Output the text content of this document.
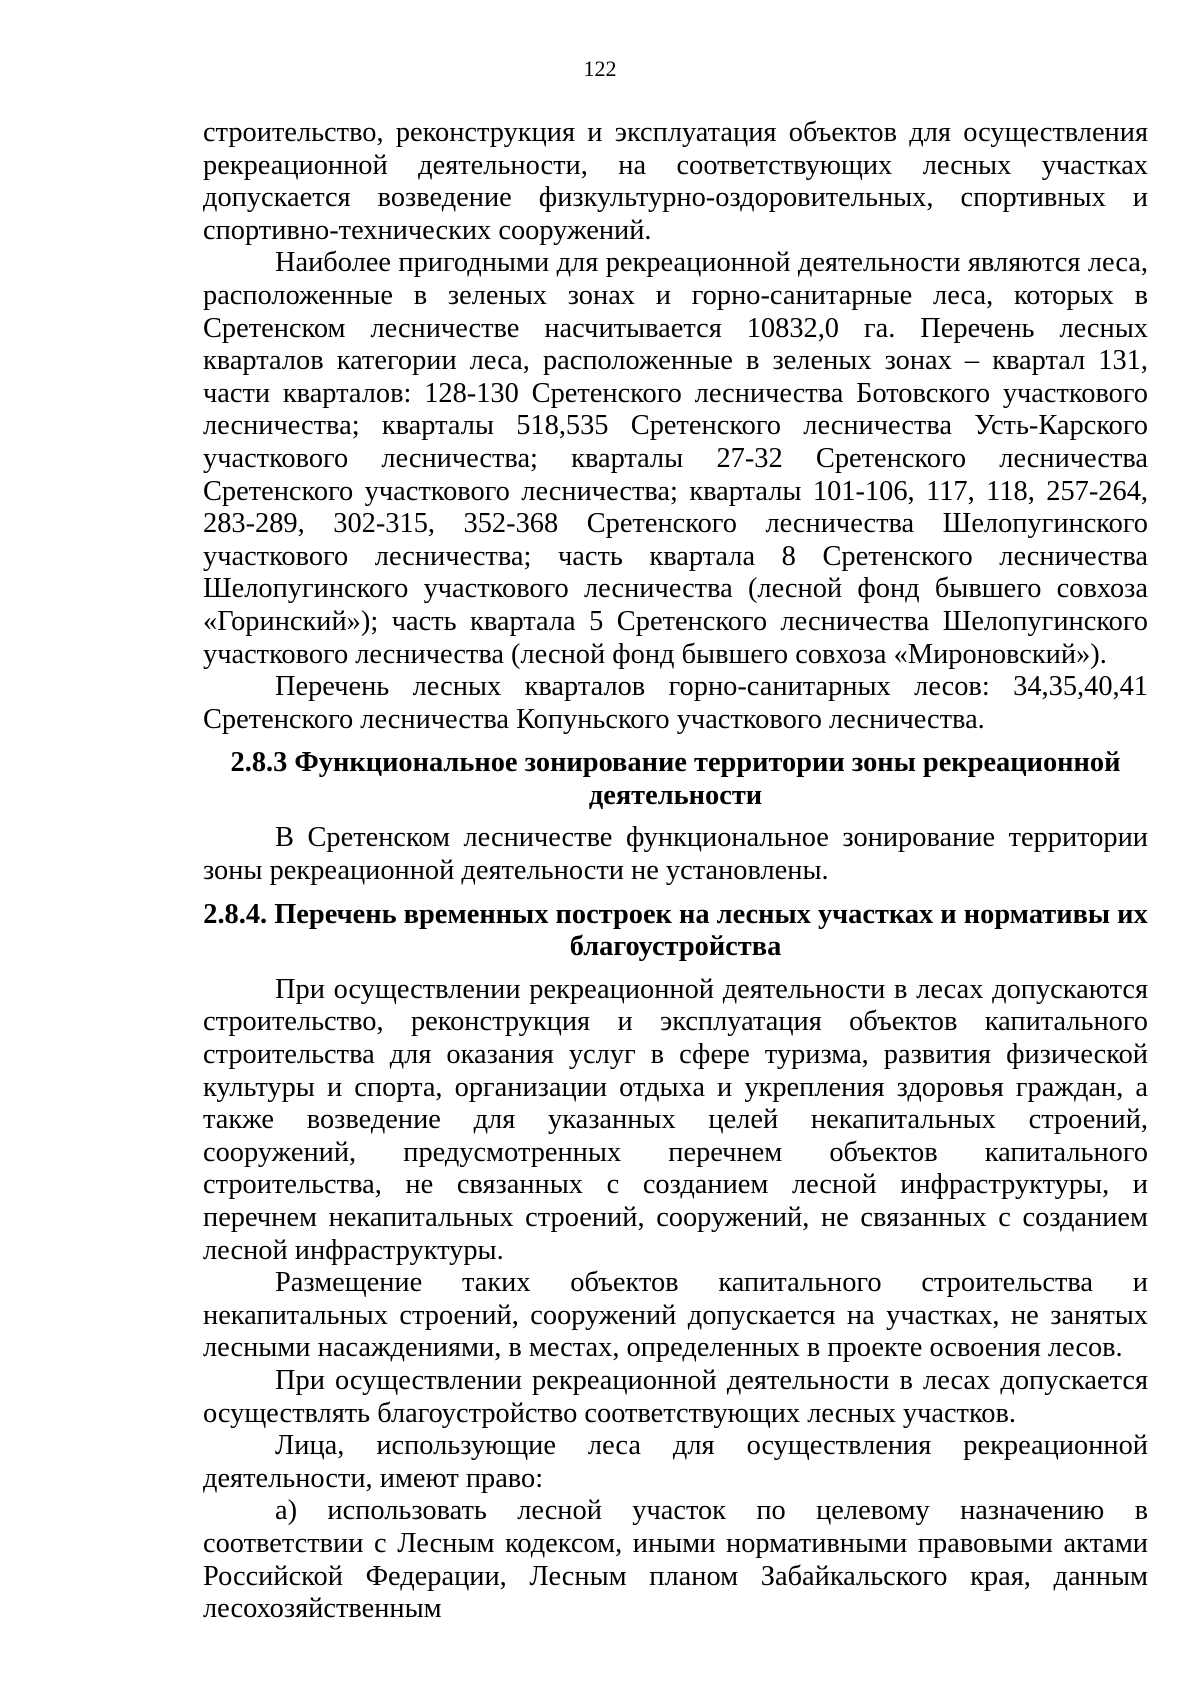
122

строительство, реконструкция и эксплуатация объектов для осуществления рекреационной деятельности, на соответствующих лесных участках допускается возведение физкультурно-оздоровительных, спортивных и спортивно-технических сооружений.

Наиболее пригодными для рекреационной деятельности являются леса, расположенные в зеленых зонах и горно-санитарные леса, которых в Сретенском лесничестве насчитывается 10832,0 га. Перечень лесных кварталов категории леса, расположенные в зеленых зонах – квартал 131, части кварталов: 128-130 Сретенского лесничества Ботовского участкового лесничества; кварталы 518,535 Сретенского лесничества Усть-Карского участкового лесничества; кварталы 27-32 Сретенского лесничества Сретенского участкового лесничества; кварталы 101-106, 117, 118, 257-264, 283-289, 302-315, 352-368 Сретенского лесничества Шелопугинского участкового лесничества; часть квартала 8 Сретенского лесничества Шелопугинского участкового лесничества (лесной фонд бывшего совхоза «Горинский»); часть квартала 5 Сретенского лесничества Шелопугинского участкового лесничества (лесной фонд бывшего совхоза «Мироновский»).

Перечень лесных кварталов горно-санитарных лесов: 34,35,40,41 Сретенского лесничества Копуньского участкового лесничества.

2.8.3 Функциональное зонирование территории зоны рекреационной деятельности

В Сретенском лесничестве функциональное зонирование территории зоны рекреационной деятельности не установлены.

2.8.4. Перечень временных построек на лесных участках и нормативы их благоустройства

При осуществлении рекреационной деятельности в лесах допускаются строительство, реконструкция и эксплуатация объектов капитального строительства для оказания услуг в сфере туризма, развития физической культуры и спорта, организации отдыха и укрепления здоровья граждан, а также возведение для указанных целей некапитальных строений, сооружений, предусмотренных перечнем объектов капитального строительства, не связанных с созданием лесной инфраструктуры, и перечнем некапитальных строений, сооружений, не связанных с созданием лесной инфраструктуры.

Размещение таких объектов капитального строительства и некапитальных строений, сооружений допускается на участках, не занятых лесными насаждениями, в местах, определенных в проекте освоения лесов.

При осуществлении рекреационной деятельности в лесах допускается осуществлять благоустройство соответствующих лесных участков.

Лица, использующие леса для осуществления рекреационной деятельности, имеют право:

а) использовать лесной участок по целевому назначению в соответствии с Лесным кодексом, иными нормативными правовыми актами Российской Федерации, Лесным планом Забайкальского края, данным лесохозяйственным
